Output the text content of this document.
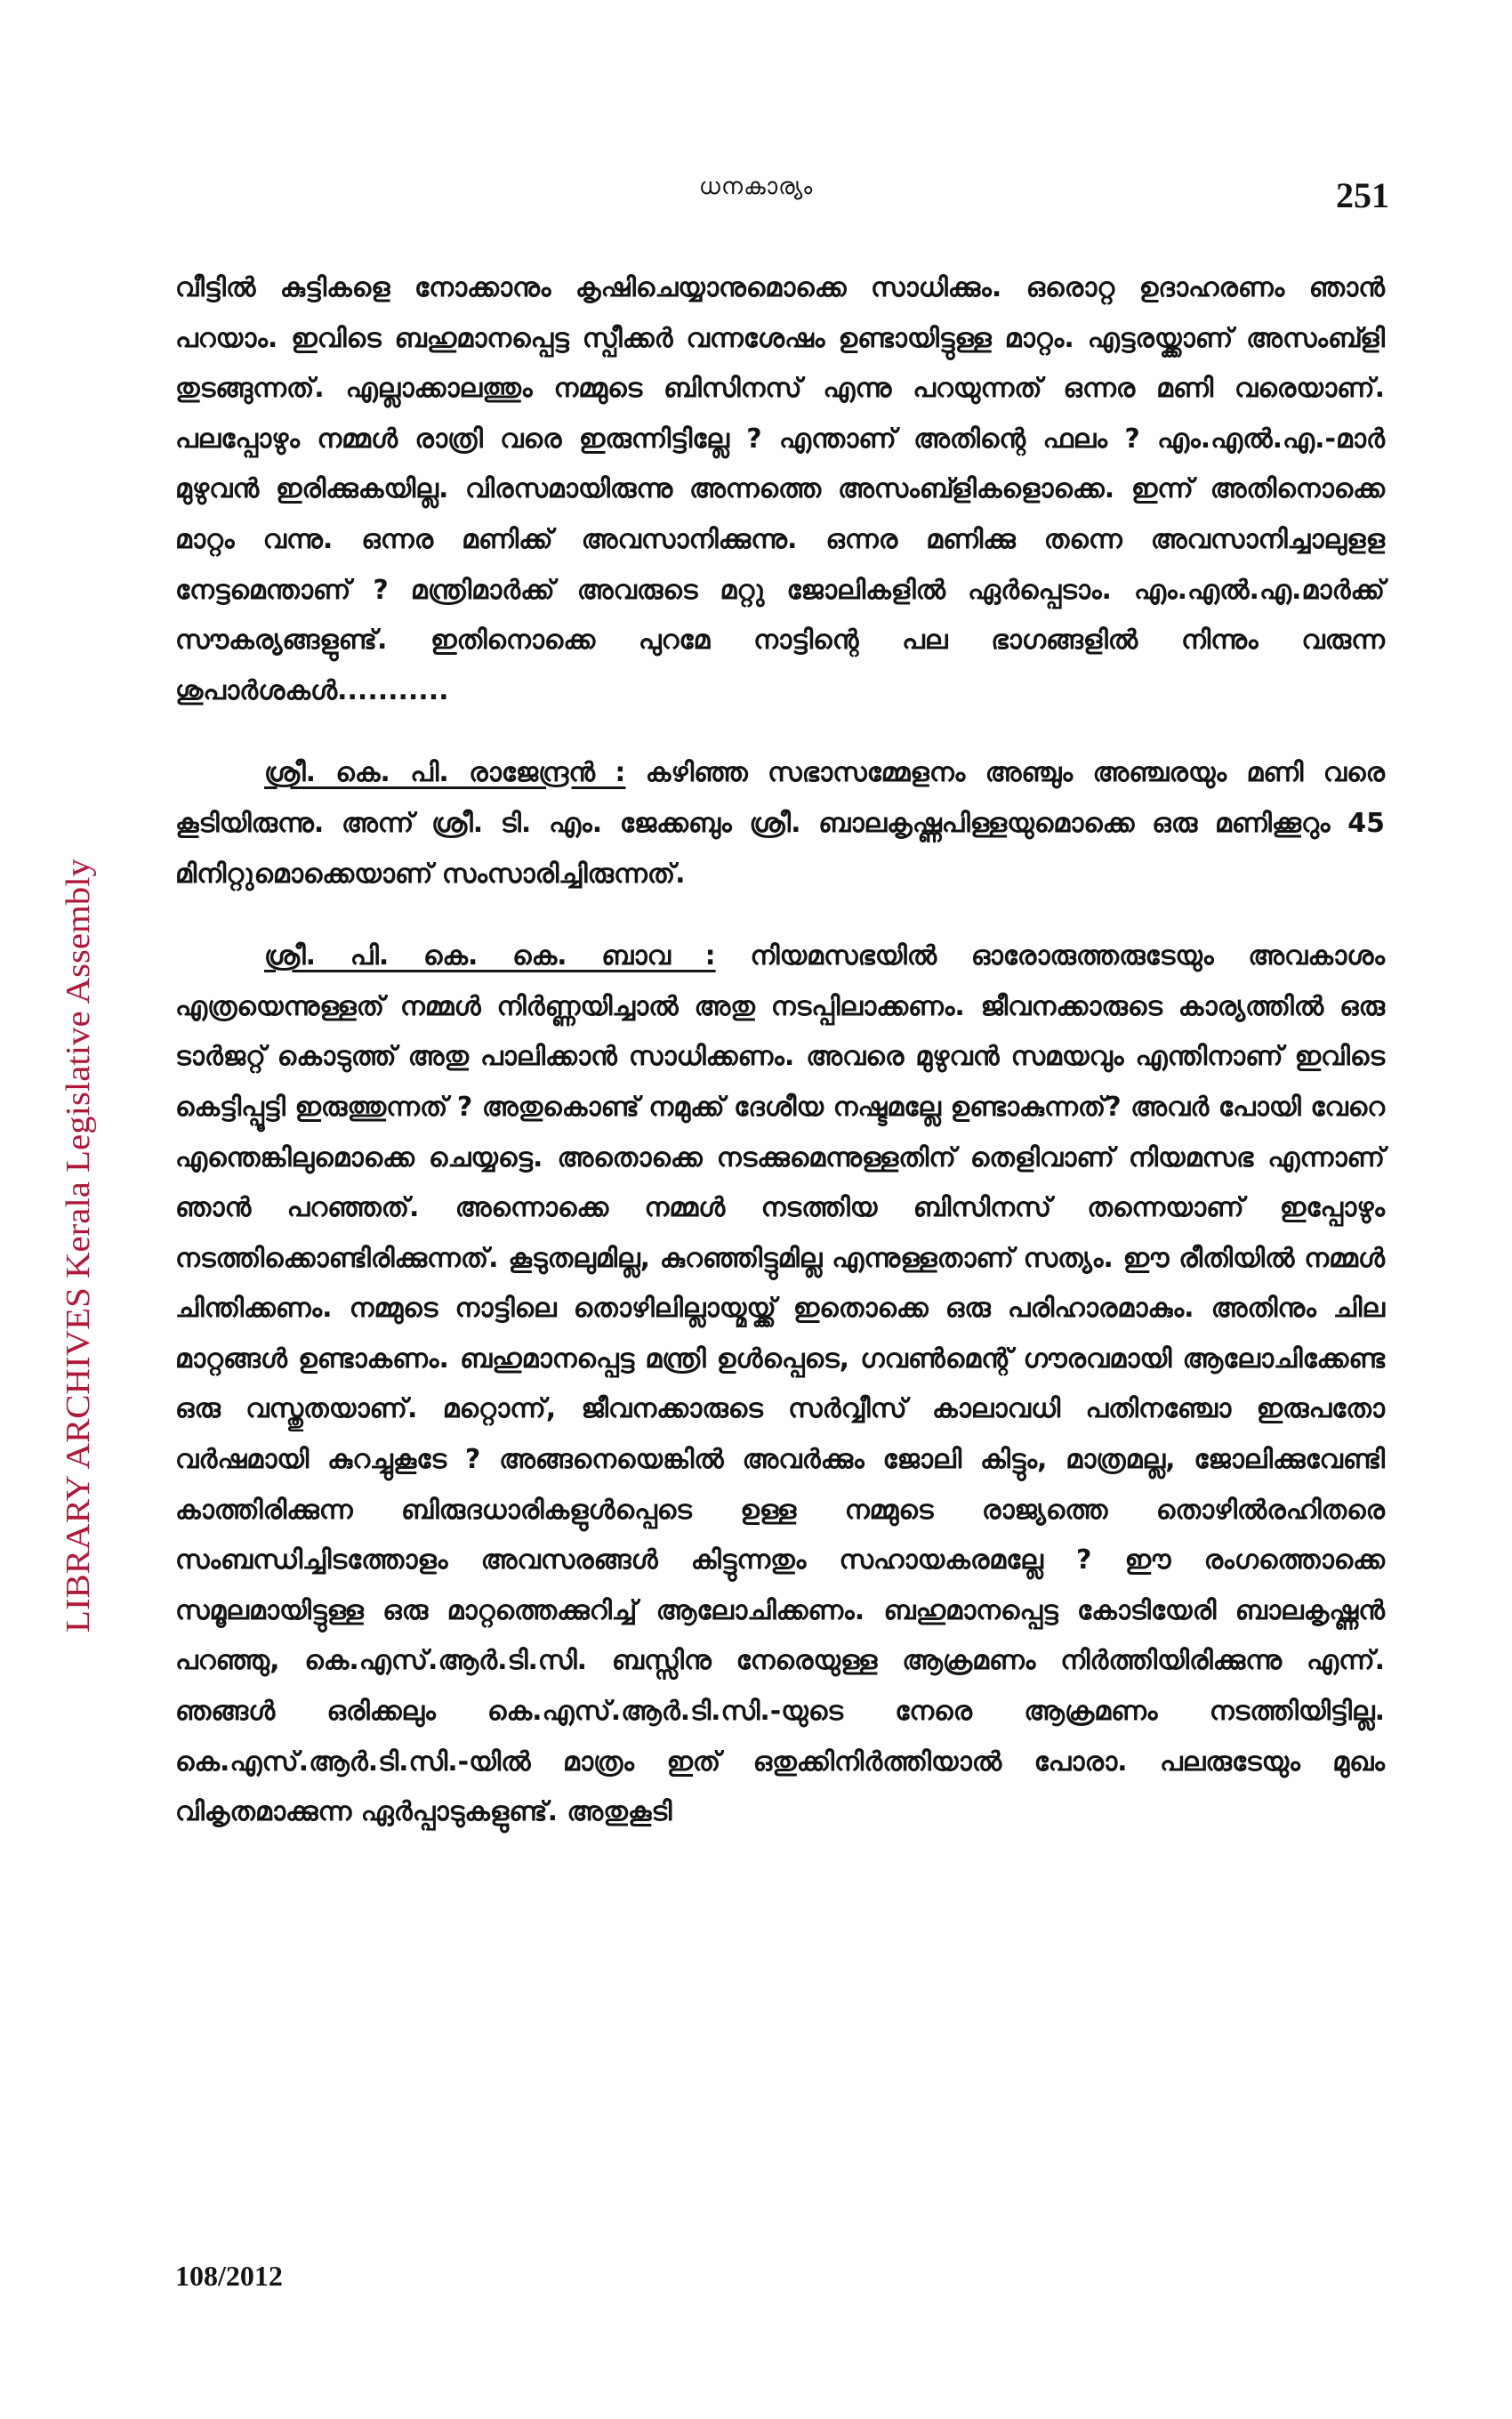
LIBRARY ARCHIVES Kerala Legislative Assembly
ധനകാര്യം	251

വീട്ടിൽ കുട്ടികളെ നോക്കാനും കൃഷിചെയ്യാനുമൊക്കെ സാധിക്കും. ഒരൊറ്റ ഉദാഹരണം ഞാൻ പറയാം. ഇവിടെ ബഹുമാനപ്പെട്ട സ്പീക്കർ വന്നശേഷം ഉണ്ടായിട്ടുള്ള മാറ്റം. എട്ടരയ്ക്കാണ് അസംബ്ളി തുടങ്ങുന്നത്. എല്ലാക്കാലത്തും നമ്മുടെ ബിസിനസ് എന്നു പറയുന്നത് ഒന്നര മണി വരെയാണ്. പലപ്പോഴും നമ്മൾ രാത്രി വരെ ഇരുന്നിട്ടില്ലേ ? എന്താണ് അതിന്റെ ഫലം ? എം.എൽ.എ.-മാർ മുഴുവൻ ഇരിക്കുകയില്ല. വിരസമായിരുന്നു അന്നത്തെ അസംബ്ളികളൊക്കെ. ഇന്ന് അതിനൊക്കെ മാറ്റം വന്നു. ഒന്നര മണിക്ക് അവസാനിക്കുന്നു. ഒന്നര മണിക്കു തന്നെ അവസാനിച്ചാലുളള നേട്ടമെന്താണ് ? മന്ത്രിമാർക്ക് അവരുടെ മറ്റു ജോലികളിൽ ഏർപ്പെടാം. എം.എൽ.എ.മാർക്ക് സൗകര്യങ്ങളുണ്ട്. ഇതിനൊക്കെ പുറമേ നാട്ടിന്റെ പല ഭാഗങ്ങളിൽ നിന്നും വരുന്ന ശുപാർശകൾ...........

ശ്രീ. കെ. പി. രാജേന്ദ്രൻ : കഴിഞ്ഞ സഭാസമ്മേളനം അഞ്ചും അഞ്ചരയും മണി വരെ കൂടിയിരുന്നു. അന്ന് ശ്രീ. ടി. എം. ജേക്കബും ശ്രീ. ബാലകൃഷ്ണപിള്ളയുമൊക്കെ ഒരു മണിക്കൂറും 45 മിനിറ്റുമൊക്കെയാണ് സംസാരിച്ചിരുന്നത്.

ശ്രീ. പി. കെ. കെ. ബാവ : നിയമസഭയിൽ ഓരോരുത്തരുടേയും അവകാശം എത്രയെന്നുള്ളത് നമ്മൾ നിർണ്ണയിച്ചാൽ അതു നടപ്പിലാക്കണം. ജീവനക്കാരുടെ കാര്യത്തിൽ ഒരു ടാർജറ്റ് കൊടുത്ത് അതു പാലിക്കാൻ സാധിക്കണം. അവരെ മുഴുവൻ സമയവും എന്തിനാണ് ഇവിടെ കെട്ടിപ്പൂട്ടി ഇരുത്തുന്നത് ? അതുകൊണ്ട് നമുക്ക് ദേശീയ നഷ്ടമല്ലേ ഉണ്ടാകുന്നത്? അവർ പോയി വേറെ എന്തെങ്കിലുമൊക്കെ ചെയ്യട്ടെ. അതൊക്കെ നടക്കുമെന്നുള്ളതിന് തെളിവാണ് നിയമസഭ എന്നാണ് ഞാൻ പറഞ്ഞത്. അന്നൊക്കെ നമ്മൾ നടത്തിയ ബിസിനസ് തന്നെയാണ് ഇപ്പോഴും നടത്തിക്കൊണ്ടിരിക്കുന്നത്. കൂടുതലുമില്ല, കുറഞ്ഞിട്ടുമില്ല എന്നുള്ളതാണ് സത്യം. ഈ രീതിയിൽ നമ്മൾ ചിന്തിക്കണം. നമ്മുടെ നാട്ടിലെ തൊഴിലില്ലായ്മയ്ക്ക് ഇതൊക്കെ ഒരു പരിഹാരമാകും. അതിനും ചില മാറ്റങ്ങൾ ഉണ്ടാകണം. ബഹുമാനപ്പെട്ട മന്ത്രി ഉൾപ്പെടെ, ഗവൺമെന്റ് ഗൗരവമായി ആലോചിക്കേണ്ട ഒരു വസ്തുതയാണ്. മറ്റൊന്ന്, ജീവനക്കാരുടെ സർവ്വീസ് കാലാവധി പതിനഞ്ചോ ഇരുപതോ വർഷമായി കുറച്ചുകൂടേ ? അങ്ങനെയെങ്കിൽ അവർക്കും ജോലി കിട്ടും, മാത്രമല്ല, ജോലിക്കുവേണ്ടി കാത്തിരിക്കുന്ന ബിരുദധാരികളുൾപ്പെടെ ഉള്ള നമ്മുടെ രാജ്യത്തെ തൊഴിൽരഹിതരെ സംബന്ധിച്ചിടത്തോളം അവസരങ്ങൾ കിട്ടുന്നതും സഹായകരമല്ലേ ? ഈ രംഗത്തൊക്കെ സമൂലമായിട്ടുള്ള ഒരു മാറ്റത്തെക്കുറിച്ച് ആലോചിക്കണം. ബഹുമാനപ്പെട്ട കോടിയേരി ബാലകൃഷ്ണൻ പറഞ്ഞു, കെ.എസ്.ആർ.ടി.സി. ബസ്സിനു നേരെയുള്ള ആക്രമണം നിർത്തിയിരിക്കുന്നു എന്ന്. ഞങ്ങൾ ഒരിക്കലും കെ.എസ്.ആർ.ടി.സി.-യുടെ നേരെ ആക്രമണം നടത്തിയിട്ടില്ല. കെ.എസ്.ആർ.ടി.സി.-യിൽ മാത്രം ഇത് ഒതുക്കിനിർത്തിയാൽ പോരാ. പലരുടേയും മുഖം വികൃതമാക്കുന്ന ഏർപ്പാടുകളുണ്ട്. അതുകൂടി

108/2012
